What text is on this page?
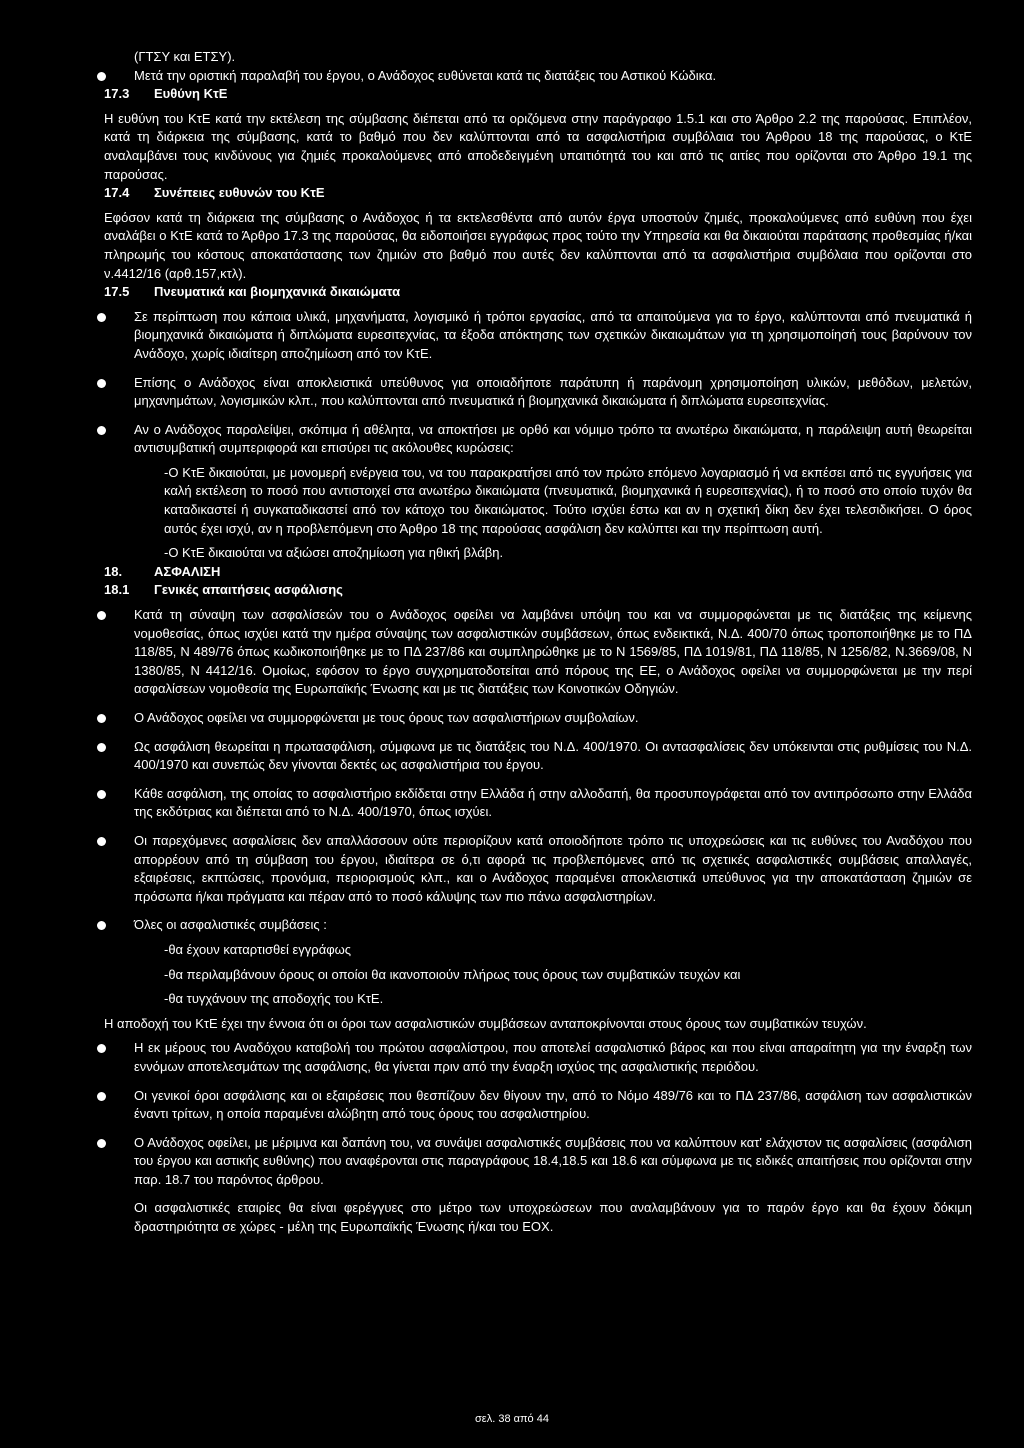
(ΓΤΣΥ και ΕΤΣΥ).

Μετά την οριστική παραλαβή του έργου, ο Ανάδοχος ευθύνεται κατά τις διατάξεις του Αστικού Κώδικα.

17.3 Ευθύνη ΚτΕ

Η ευθύνη του ΚτΕ κατά την εκτέλεση της σύμβασης διέπεται από τα οριζόμενα στην παράγραφο 1.5.1 και στο Άρθρο 2.2 της παρούσας. Επιπλέον, κατά τη διάρκεια της σύμβασης, κατά το βαθμό που δεν καλύπτονται από τα ασφαλιστήρια συμβόλαια του Άρθρου 18 της παρούσας, ο ΚτΕ αναλαμβάνει τους κινδύνους για ζημιές προκαλούμενες από αποδεδειγμένη υπαιτιότητά του και από τις αιτίες που ορίζονται στο Άρθρο 19.1 της παρούσας.

17.4 Συνέπειες ευθυνών του ΚτΕ

Εφόσον κατά τη διάρκεια της σύμβασης ο Ανάδοχος ή τα εκτελεσθέντα από αυτόν έργα υποστούν ζημιές, προκαλούμενες από ευθύνη που έχει αναλάβει ο ΚτΕ κατά το Άρθρο 17.3 της παρούσας, θα ειδοποιήσει εγγράφως προς τούτο την Υπηρεσία και θα δικαιούται παράτασης προθεσμίας ή/και πληρωμής του κόστους αποκατάστασης των ζημιών στο βαθμό που αυτές δεν καλύπτονται από τα ασφαλιστήρια συμβόλαια που ορίζονται στο ν.4412/16 (αρθ.157,κτλ).

17.5 Πνευματικά και βιομηχανικά δικαιώματα

Σε περίπτωση που κάποια υλικά, μηχανήματα, λογισμικό ή τρόποι εργασίας, από τα απαιτούμενα για το έργο, καλύπτονται από πνευματικά ή βιομηχανικά δικαιώματα ή διπλώματα ευρεσιτεχνίας, τα έξοδα απόκτησης των σχετικών δικαιωμάτων για τη χρησιμοποίησή τους βαρύνουν τον Ανάδοχο, χωρίς ιδιαίτερη αποζημίωση από τον ΚτΕ.

Επίσης ο Ανάδοχος είναι αποκλειστικά υπεύθυνος για οποιαδήποτε παράτυπη ή παράνομη χρησιμοποίηση υλικών, μεθόδων, μελετών, μηχανημάτων, λογισμικών κλπ., που καλύπτονται από πνευματικά ή βιομηχανικά δικαιώματα ή διπλώματα ευρεσιτεχνίας.

Αν ο Ανάδοχος παραλείψει, σκόπιμα ή αθέλητα, να αποκτήσει με ορθό και νόμιμο τρόπο τα ανωτέρω δικαιώματα, η παράλειψη αυτή θεωρείται αντισυμβατική συμπεριφορά και επισύρει τις ακόλουθες κυρώσεις:

-Ο ΚτΕ δικαιούται, με μονομερή ενέργεια του, να του παρακρατήσει από τον πρώτο επόμενο λογαριασμό ή να εκπέσει από τις εγγυήσεις για καλή εκτέλεση το ποσό που αντιστοιχεί στα ανωτέρω δικαιώματα (πνευματικά, βιομηχανικά ή ευρεσιτεχνίας), ή το ποσό στο οποίο τυχόν θα καταδικαστεί ή συγκαταδικαστεί από τον κάτοχο του δικαιώματος. Τούτο ισχύει έστω και αν η σχετική δίκη δεν έχει τελεσιδικήσει. Ο όρος αυτός έχει ισχύ, αν η προβλεπόμενη στο Άρθρο 18 της παρούσας ασφάλιση δεν καλύπτει και την περίπτωση αυτή.

-Ο ΚτΕ δικαιούται να αξιώσει αποζημίωση για ηθική βλάβη.

18. ΑΣΦΑΛΙΣΗ

18.1 Γενικές απαιτήσεις ασφάλισης

Κατά τη σύναψη των ασφαλίσεών του ο Ανάδοχος οφείλει να λαμβάνει υπόψη του και να συμμορφώνεται με τις διατάξεις της κείμενης νομοθεσίας, όπως ισχύει κατά την ημέρα σύναψης των ασφαλιστικών συμβάσεων, όπως ενδεικτικά, Ν.Δ. 400/70 όπως τροποποιήθηκε με το ΠΔ 118/85, Ν 489/76 όπως κωδικοποιήθηκε με το ΠΔ 237/86 και συμπληρώθηκε με το Ν 1569/85, ΠΔ 1019/81, ΠΔ 118/85, Ν 1256/82, Ν.3669/08, Ν 1380/85, Ν 4412/16. Ομοίως, εφόσον το έργο συγχρηματοδοτείται από πόρους της ΕΕ, ο Ανάδοχος οφείλει να συμμορφώνεται με την περί ασφαλίσεων νομοθεσία της Ευρωπαϊκής Ένωσης και με τις διατάξεις των Κοινοτικών Οδηγιών.

Ο Ανάδοχος οφείλει να συμμορφώνεται με τους όρους των ασφαλιστήριων συμβολαίων.

Ως ασφάλιση θεωρείται η πρωτασφάλιση, σύμφωνα με τις διατάξεις του Ν.Δ. 400/1970. Οι αντασφαλίσεις δεν υπόκεινται στις ρυθμίσεις του Ν.Δ. 400/1970 και συνεπώς δεν γίνονται δεκτές ως ασφαλιστήρια του έργου.

Κάθε ασφάλιση, της οποίας το ασφαλιστήριο εκδίδεται στην Ελλάδα ή στην αλλοδαπή, θα προσυπογράφεται από τον αντιπρόσωπο στην Ελλάδα της εκδότριας και διέπεται από το Ν.Δ. 400/1970, όπως ισχύει.

Οι παρεχόμενες ασφαλίσεις δεν απαλλάσσουν ούτε περιορίζουν κατά οποιοδήποτε τρόπο τις υποχρεώσεις και τις ευθύνες του Αναδόχου που απορρέουν από τη σύμβαση του έργου, ιδιαίτερα σε ό,τι αφορά τις προβλεπόμενες από τις σχετικές ασφαλιστικές συμβάσεις απαλλαγές, εξαιρέσεις, εκπτώσεις, προνόμια, περιορισμούς κλπ., και ο Ανάδοχος παραμένει αποκλειστικά υπεύθυνος για την αποκατάσταση ζημιών σε πρόσωπα ή/και πράγματα και πέραν από το ποσό κάλυψης των πιο πάνω ασφαλιστηρίων.

Όλες οι ασφαλιστικές συμβάσεις :

-θα έχουν καταρτισθεί εγγράφως

-θα περιλαμβάνουν όρους οι οποίοι θα ικανοποιούν πλήρως τους όρους των συμβατικών τευχών και

-θα τυγχάνουν της αποδοχής του ΚτΕ.

Η αποδοχή του ΚτΕ έχει την έννοια ότι οι όροι των ασφαλιστικών συμβάσεων ανταποκρίνονται στους όρους των συμβατικών τευχών.

Η εκ μέρους του Αναδόχου καταβολή του πρώτου ασφαλίστρου, που αποτελεί ασφαλιστικό βάρος και που είναι απαραίτητη για την έναρξη των εννόμων αποτελεσμάτων της ασφάλισης, θα γίνεται πριν από την έναρξη ισχύος της ασφαλιστικής περιόδου.

Οι γενικοί όροι ασφάλισης και οι εξαιρέσεις που θεσπίζουν δεν θίγουν την, από το Νόμο 489/76 και το ΠΔ 237/86, ασφάλιση των ασφαλιστικών έναντι τρίτων, η οποία παραμένει αλώβητη από τους όρους του ασφαλιστηρίου.

Ο Ανάδοχος οφείλει, με μέριμνα και δαπάνη του, να συνάψει ασφαλιστικές συμβάσεις που να καλύπτουν κατ' ελάχιστον τις ασφαλίσεις (ασφάλιση του έργου και αστικής ευθύνης) που αναφέρονται στις παραγράφους 18.4,18.5 και 18.6 και σύμφωνα με τις ειδικές απαιτήσεις που ορίζονται στην παρ. 18.7 του παρόντος άρθρου.

Οι ασφαλιστικές εταιρίες θα είναι φερέγγυες στο μέτρο των υποχρεώσεων που αναλαμβάνουν για το παρόν έργο και θα έχουν δόκιμη δραστηριότητα σε χώρες - μέλη της Ευρωπαϊκής Ένωσης ή/και του ΕΟΧ.

σελ. 38 από 44
